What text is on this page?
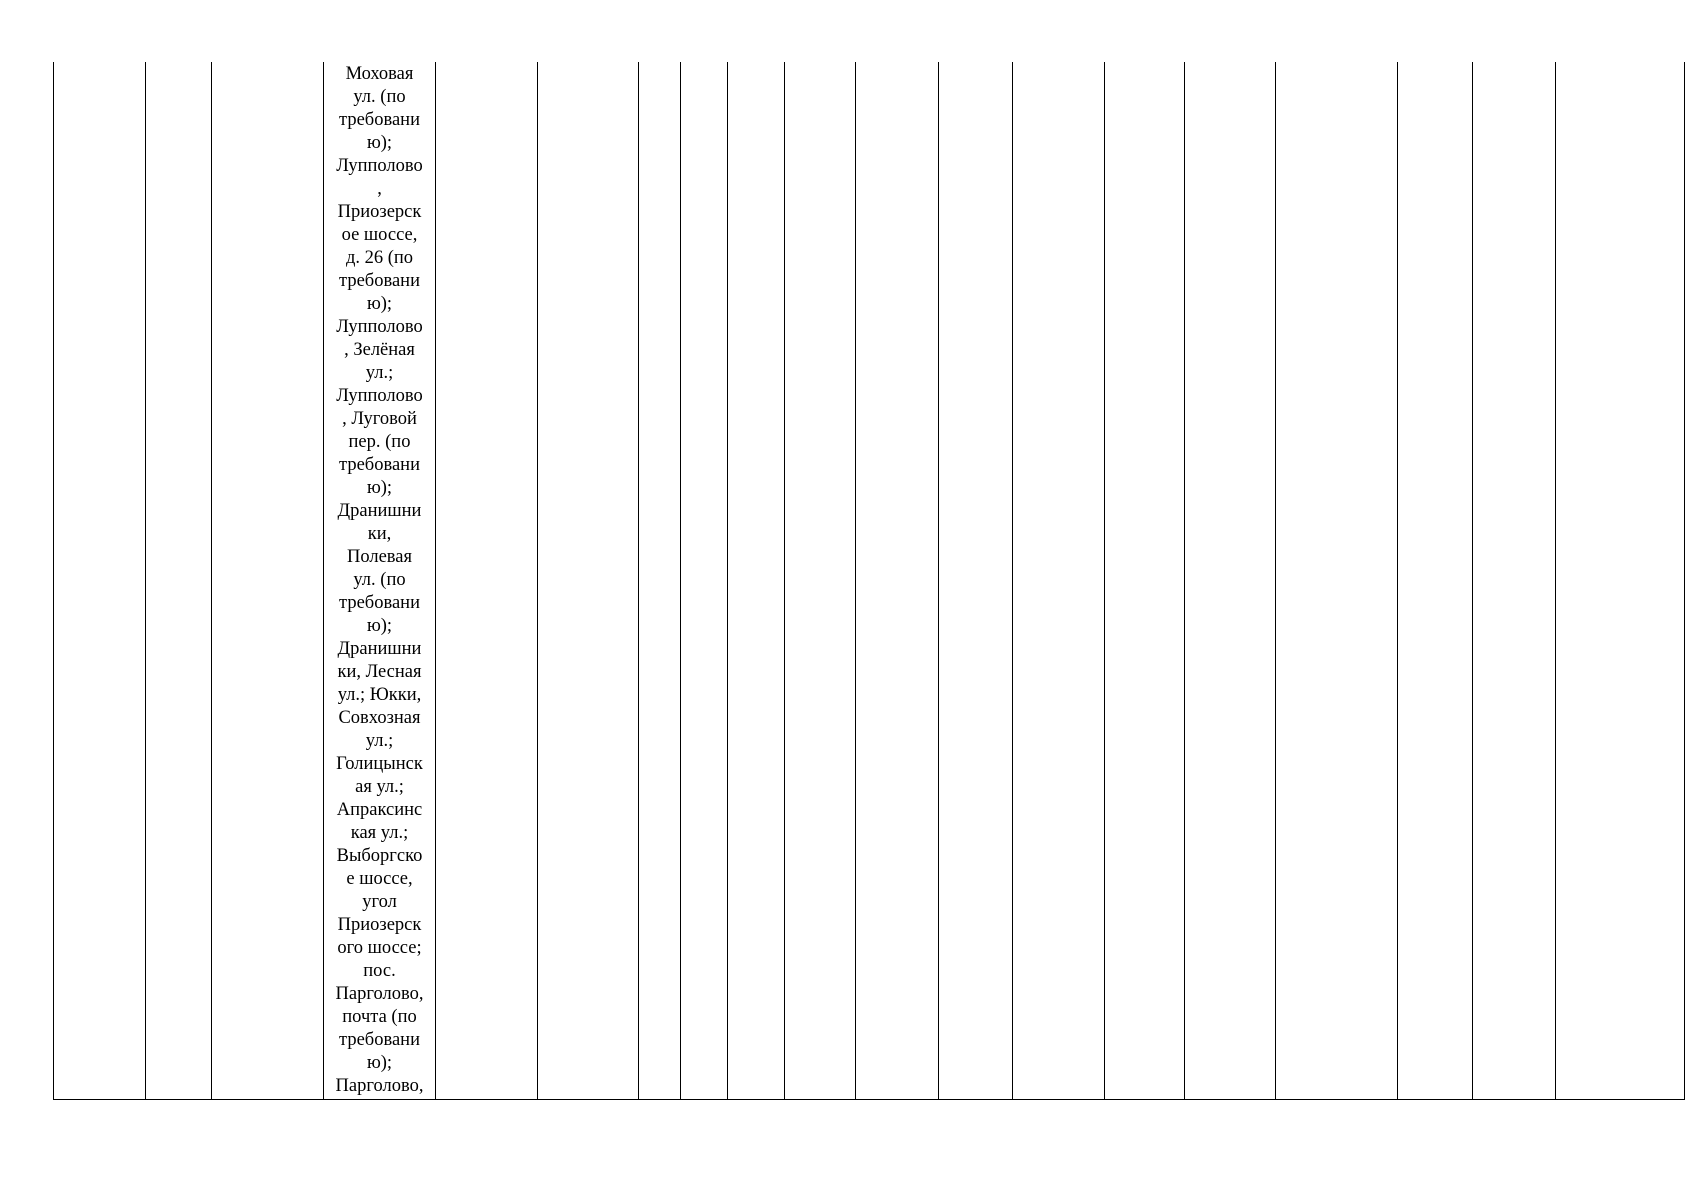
Моховая
ул. (по
требовани
ю);
Лупполово
,
Приозерск
ое шоссе,
д. 26 (по
требовани
ю);
Лупполово
, Зелёная
ул.;
Лупполово
, Луговой
пер. (по
требовани
ю);
Дранишни
ки,
Полевая
ул. (по
требовани
ю);
Дранишни
ки, Лесная
ул.; Юкки,
Совхозная
ул.;
Голицынск
ая ул.;
Апраксинс
кая ул.;
Выборгско
е шоссе,
угол
Приозерск
ого шоссе;
пос.
Парголово,
почта (по
требовани
ю);
Парголово,
